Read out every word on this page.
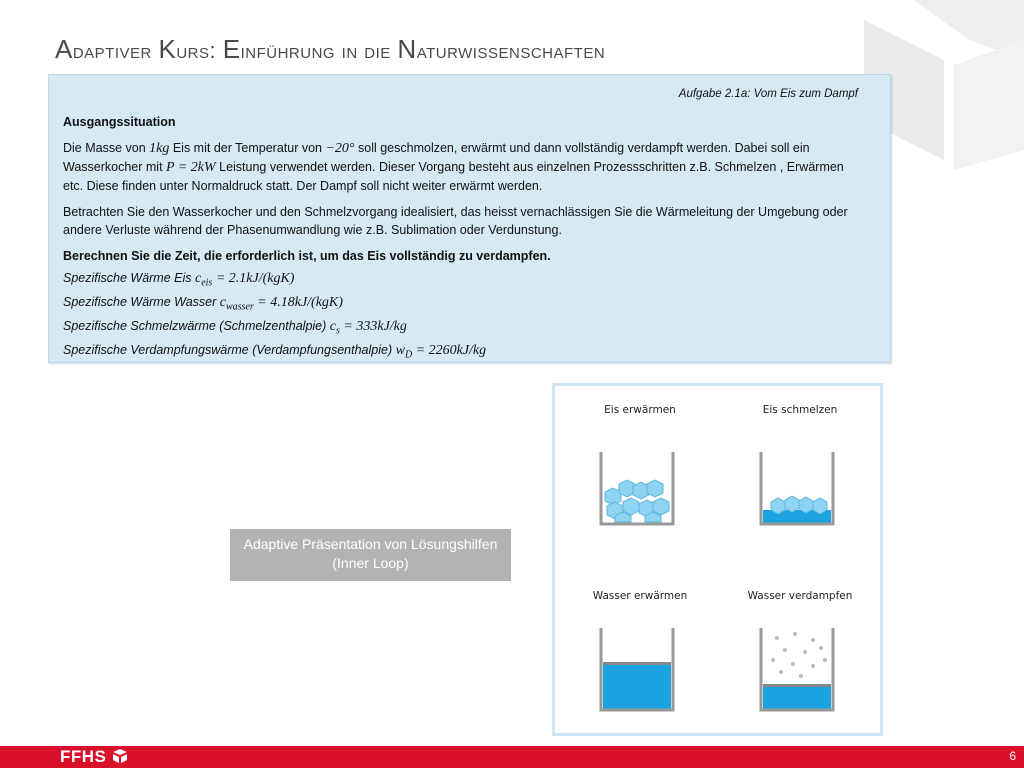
Adaptiver Kurs: Einführung in die Naturwissenschaften
Aufgabe 2.1a: Vom Eis zum Dampf
Ausgangssituation
Die Masse von 1kg Eis mit der Temperatur von −20° soll geschmolzen, erwärmt und dann vollständig verdampft werden. Dabei soll ein Wasserkocher mit P = 2kW Leistung verwendet werden. Dieser Vorgang besteht aus einzelnen Prozessschritten z.B. Schmelzen , Erwärmen etc. Diese finden unter Normaldruck statt. Der Dampf soll nicht weiter erwärmt werden.
Betrachten Sie den Wasserkocher und den Schmelzvorgang idealisiert, das heisst vernachlässigen Sie die Wärmeleitung der Umgebung oder andere Verluste während der Phasenumwandlung wie z.B. Sublimation oder Verdunstung.
Berechnen Sie die Zeit, die erforderlich ist, um das Eis vollständig zu verdampfen.
Spezifische Wärme Eis $c_{eis} = 2.1kJ/(kgK)$
Spezifische Wärme Wasser $c_{wasser} = 4.18kJ/(kgK)$
Spezifische Schmelzwärme (Schmelzenthalpie) $c_s = 333kJ/kg$
Spezifische Verdampfungswärme (Verdampfungsenthalpie) $w_D = 2260kJ/kg$
Adaptive Präsentation von Lösungshilfen
(Inner Loop)
Eis erwärmen	Eis schmelzen
Wasser erwärmen	Wasser verdampfen
FFHS	6
